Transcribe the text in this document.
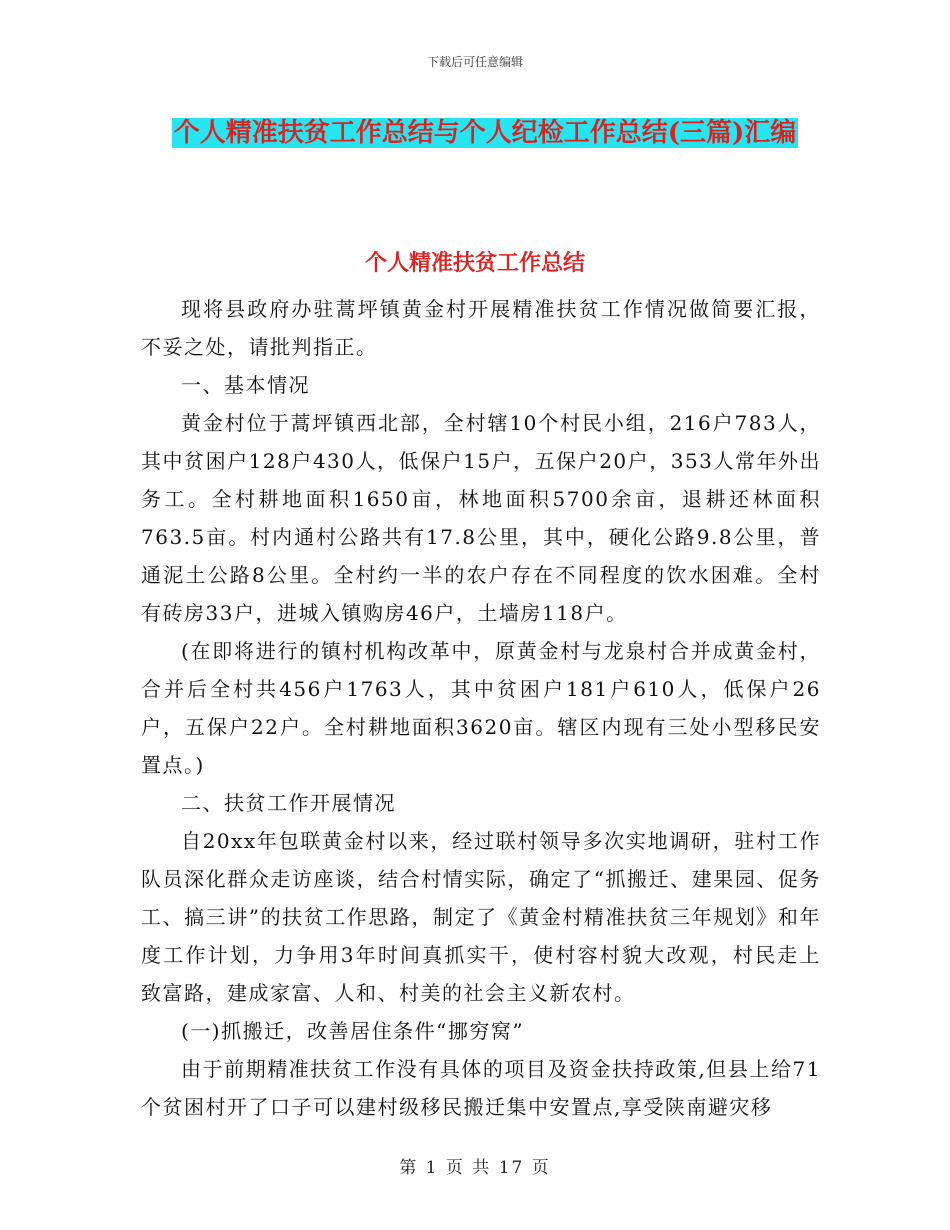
下载后可任意编辑
个人精准扶贫工作总结与个人纪检工作总结(三篇)汇编
个人精准扶贫工作总结

现将县政府办驻蒿坪镇黄金村开展精准扶贫工作情况做简要汇报，不妥之处，请批判指正。

一、基本情况

黄金村位于蒿坪镇西北部，全村辖10个村民小组，216户783人，其中贫困户128户430人，低保户15户，五保户20户，353人常年外出务工。全村耕地面积1650亩，林地面积5700余亩，退耕还林面积763.5亩。村内通村公路共有17.8公里，其中，硬化公路9.8公里，普通泥土公路8公里。全村约一半的农户存在不同程度的饮水困难。全村有砖房33户，进城入镇购房46户，土墙房118户。

(在即将进行的镇村机构改革中，原黄金村与龙泉村合并成黄金村，合并后全村共456户1763人，其中贫困户181户610人，低保户26户，五保户22户。全村耕地面积3620亩。辖区内现有三处小型移民安置点。)

二、扶贫工作开展情况

自20xx年包联黄金村以来，经过联村领导多次实地调研，驻村工作队员深化群众走访座谈，结合村情实际，确定了“抓搬迁、建果园、促务工、搞三讲”的扶贫工作思路，制定了《黄金村精准扶贫三年规划》和年度工作计划，力争用3年时间真抓实干，使村容村貌大改观，村民走上致富路，建成家富、人和、村美的社会主义新农村。

(一)抓搬迁，改善居住条件“挪穷窝”

由于前期精准扶贫工作没有具体的项目及资金扶持政策,但县上给71个贫困村开了口子可以建村级移民搬迁集中安置点,享受陕南避灾移

第 1 页 共 17 页
